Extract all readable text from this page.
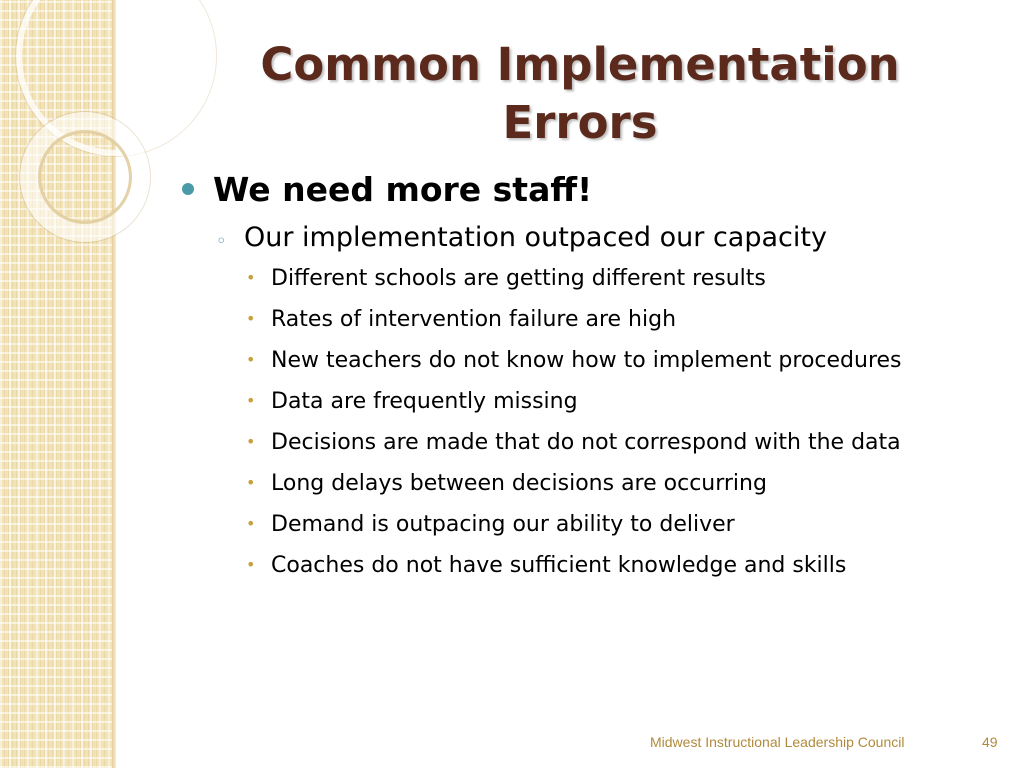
Common Implementation
Errors
We need more staff!
◦ Our implementation outpaced our capacity
• Different schools are getting different results
• Rates of intervention failure are high
• New teachers do not know how to implement procedures
• Data are frequently missing
• Decisions are made that do not correspond with the data
• Long delays between decisions are occurring
• Demand is outpacing our ability to deliver
• Coaches do not have sufficient knowledge and skills
Midwest Instructional Leadership Council	49
